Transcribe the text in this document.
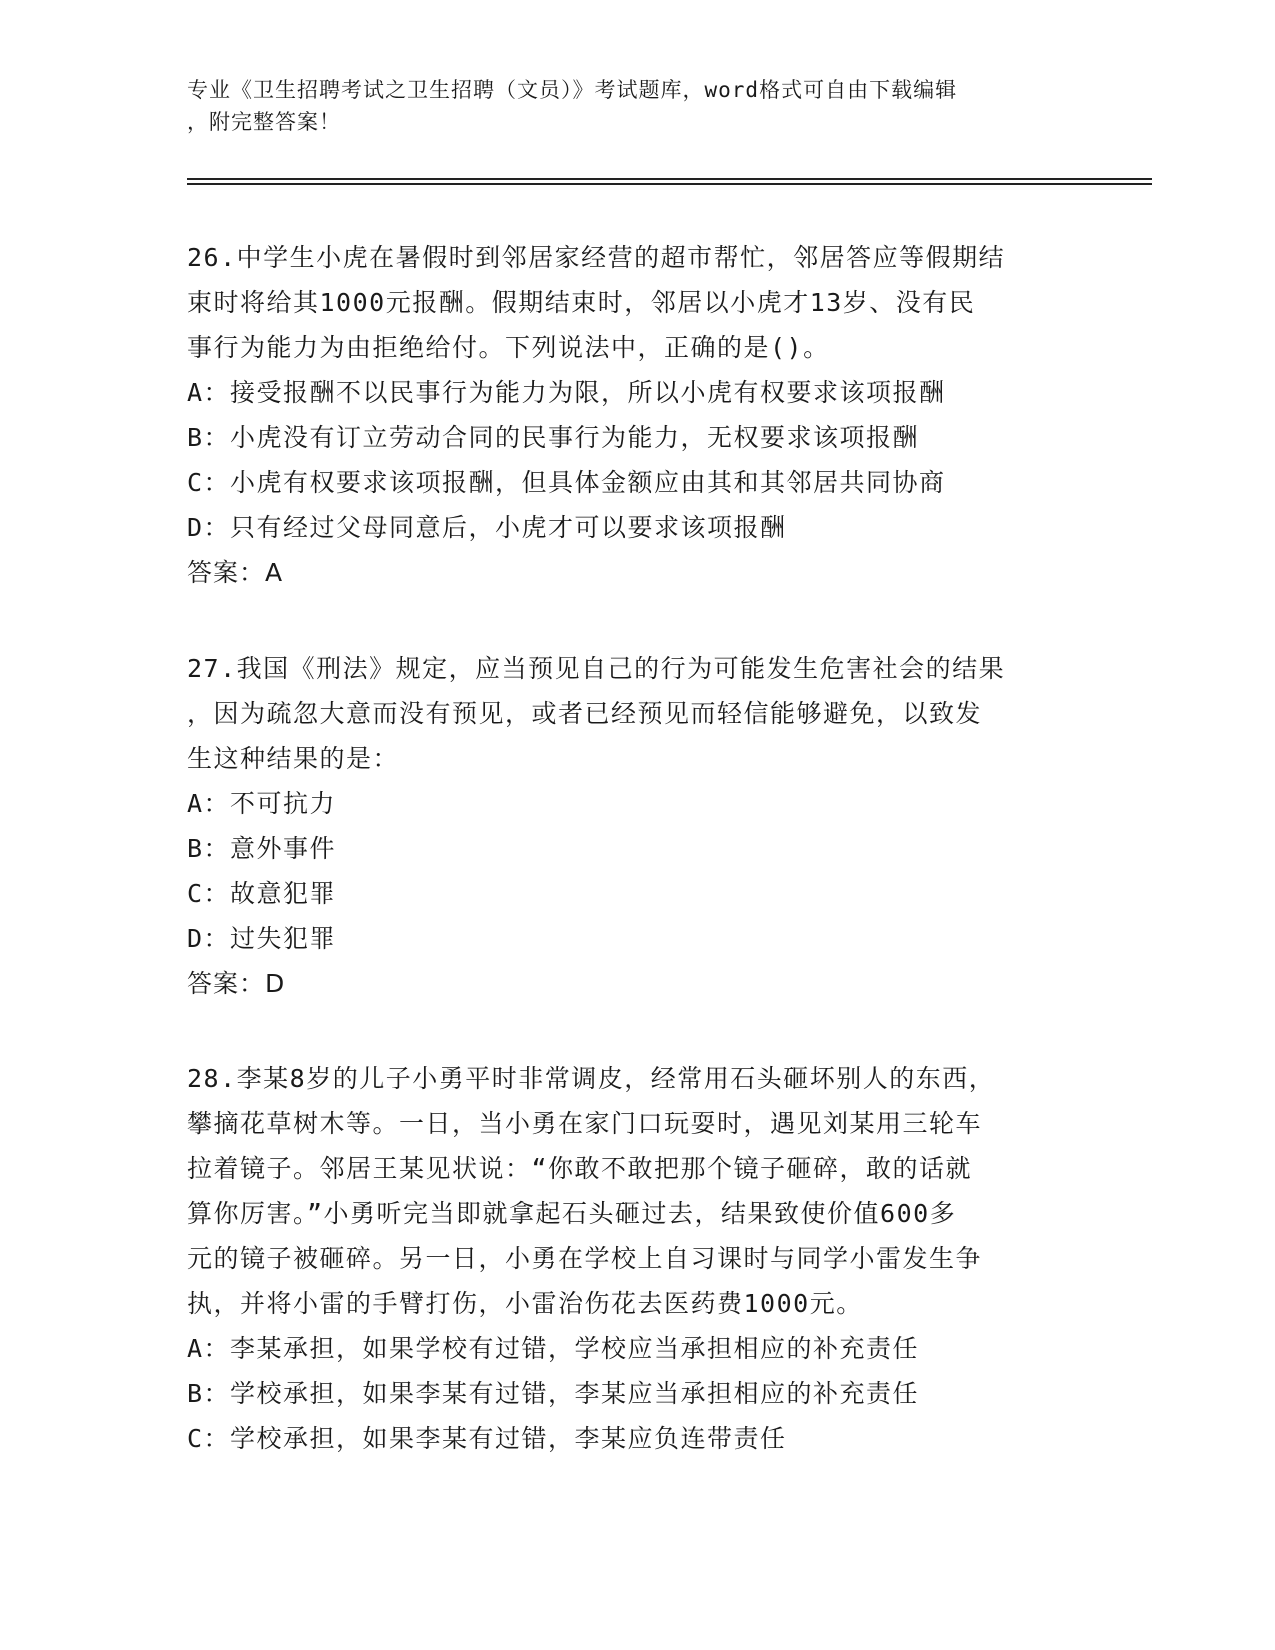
专业《卫生招聘考试之卫生招聘（文员）》考试题库，word格式可自由下载编辑
，附完整答案！
26.中学生小虎在暑假时到邻居家经营的超市帮忙，邻居答应等假期结
束时将给其1000元报酬。假期结束时，邻居以小虎才13岁、没有民
事行为能力为由拒绝给付。下列说法中，正确的是()。
A：接受报酬不以民事行为能力为限，所以小虎有权要求该项报酬
B：小虎没有订立劳动合同的民事行为能力，无权要求该项报酬
C：小虎有权要求该项报酬，但具体金额应由其和其邻居共同协商
D：只有经过父母同意后，小虎才可以要求该项报酬
答案：A
27.我国《刑法》规定，应当预见自己的行为可能发生危害社会的结果
，因为疏忽大意而没有预见，或者已经预见而轻信能够避免，以致发
生这种结果的是：
A：不可抗力
B：意外事件
C：故意犯罪
D：过失犯罪
答案：D
28.李某8岁的儿子小勇平时非常调皮，经常用石头砸坏别人的东西，
攀摘花草树木等。一日，当小勇在家门口玩耍时，遇见刘某用三轮车
拉着镜子。邻居王某见状说：“你敢不敢把那个镜子砸碎，敢的话就
算你厉害。”小勇听完当即就拿起石头砸过去，结果致使价值600多
元的镜子被砸碎。另一日，小勇在学校上自习课时与同学小雷发生争
执，并将小雷的手臂打伤，小雷治伤花去医药费1000元。
A：李某承担，如果学校有过错，学校应当承担相应的补充责任
B：学校承担，如果李某有过错，李某应当承担相应的补充责任
C：学校承担，如果李某有过错，李某应负连带责任
